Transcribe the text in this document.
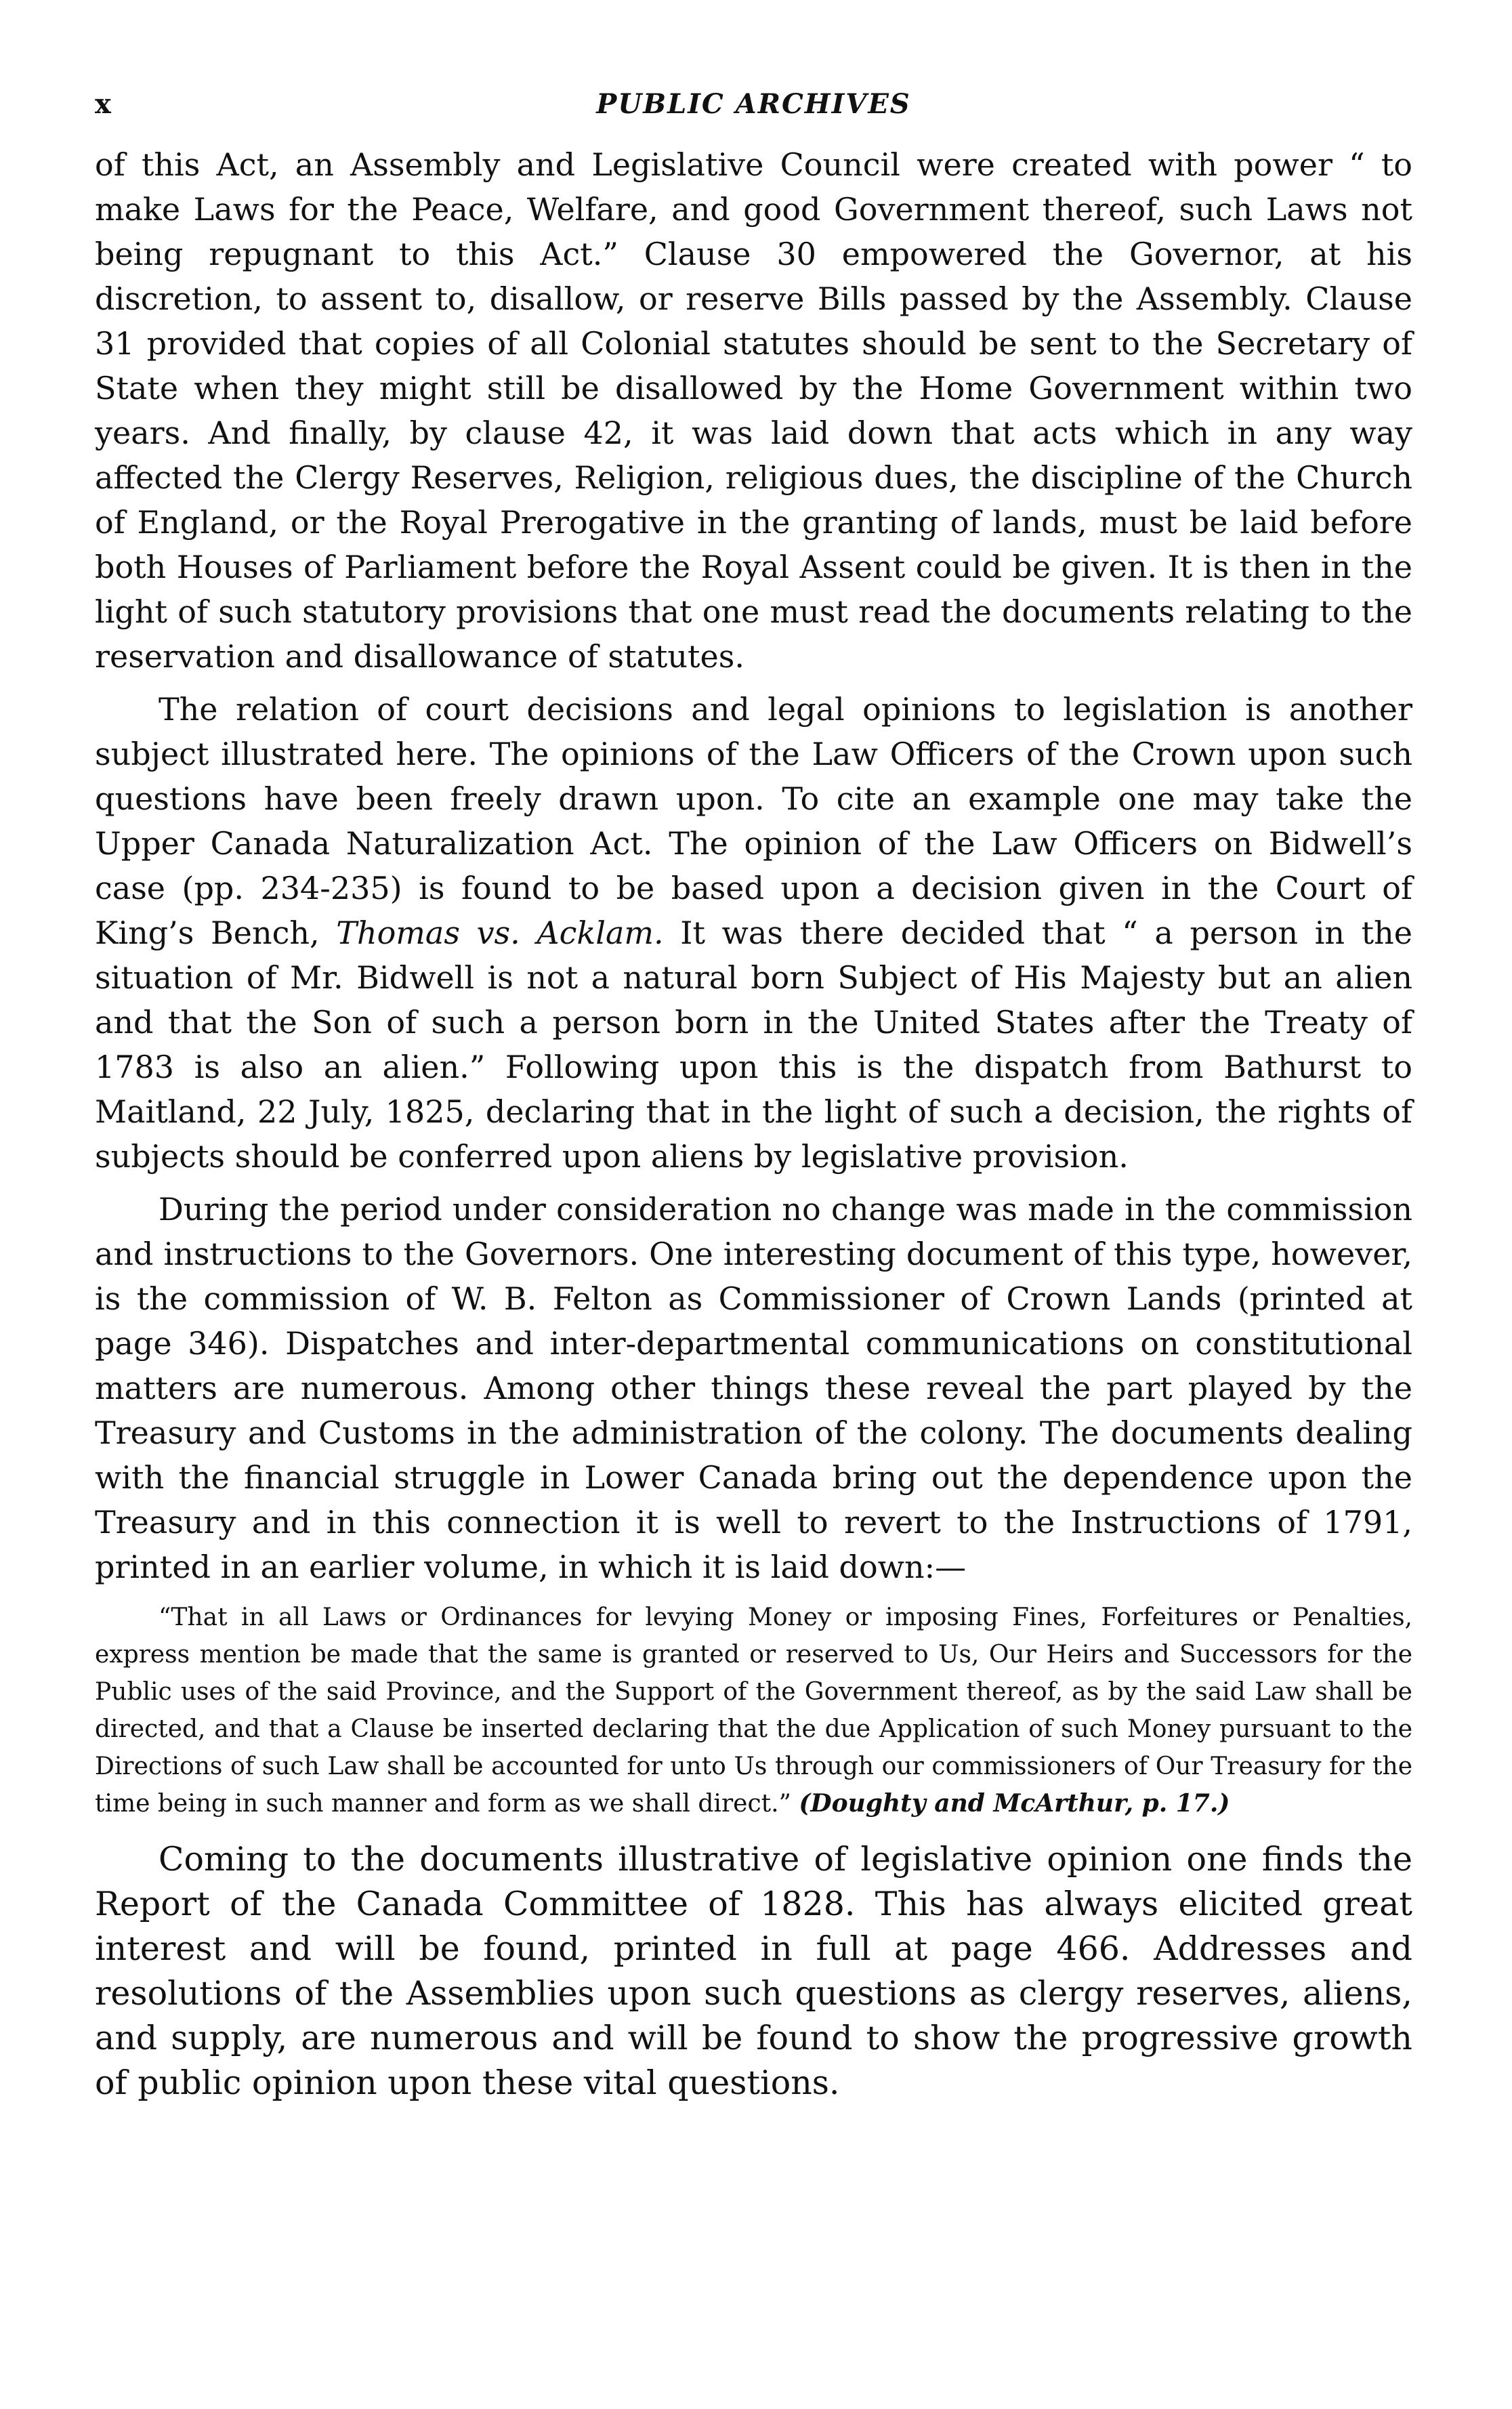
x	PUBLIC ARCHIVES

of this Act, an Assembly and Legislative Council were created with power “ to make Laws for the Peace, Welfare, and good Government thereof, such Laws not being repugnant to this Act.” Clause 30 empowered the Governor, at his discretion, to assent to, disallow, or reserve Bills passed by the Assembly. Clause 31 provided that copies of all Colonial statutes should be sent to the Secretary of State when they might still be disallowed by the Home Government within two years. And finally, by clause 42, it was laid down that acts which in any way affected the Clergy Reserves, Religion, religious dues, the discipline of the Church of England, or the Royal Prerogative in the granting of lands, must be laid before both Houses of Parliament before the Royal Assent could be given. It is then in the light of such statutory provisions that one must read the documents relating to the reservation and disallowance of statutes.

The relation of court decisions and legal opinions to legislation is another subject illustrated here. The opinions of the Law Officers of the Crown upon such questions have been freely drawn upon. To cite an example one may take the Upper Canada Naturalization Act. The opinion of the Law Officers on Bidwell’s case (pp. 234-235) is found to be based upon a decision given in the Court of King’s Bench, Thomas vs. Acklam. It was there decided that “ a person in the situation of Mr. Bidwell is not a natural born Subject of His Majesty but an alien and that the Son of such a person born in the United States after the Treaty of 1783 is also an alien.” Following upon this is the dispatch from Bathurst to Maitland, 22 July, 1825, declaring that in the light of such a decision, the rights of subjects should be conferred upon aliens by legislative provision.

During the period under consideration no change was made in the commission and instructions to the Governors. One interesting document of this type, however, is the commission of W. B. Felton as Commissioner of Crown Lands (printed at page 346). Dispatches and inter-departmental communications on constitutional matters are numerous. Among other things these reveal the part played by the Treasury and Customs in the administration of the colony. The documents dealing with the financial struggle in Lower Canada bring out the dependence upon the Treasury and in this connection it is well to revert to the Instructions of 1791, printed in an earlier volume, in which it is laid down:—

“That in all Laws or Ordinances for levying Money or imposing Fines, Forfeitures or Penalties, express mention be made that the same is granted or reserved to Us, Our Heirs and Successors for the Public uses of the said Province, and the Support of the Government thereof, as by the said Law shall be directed, and that a Clause be inserted declaring that the due Application of such Money pursuant to the Directions of such Law shall be accounted for unto Us through our commissioners of Our Treasury for the time being in such manner and form as we shall direct.” (Doughty and McArthur, p. 17.)

Coming to the documents illustrative of legislative opinion one finds the Report of the Canada Committee of 1828. This has always elicited great interest and will be found, printed in full at page 466. Addresses and resolutions of the Assemblies upon such questions as clergy reserves, aliens, and supply, are numerous and will be found to show the progressive growth of public opinion upon these vital questions.
